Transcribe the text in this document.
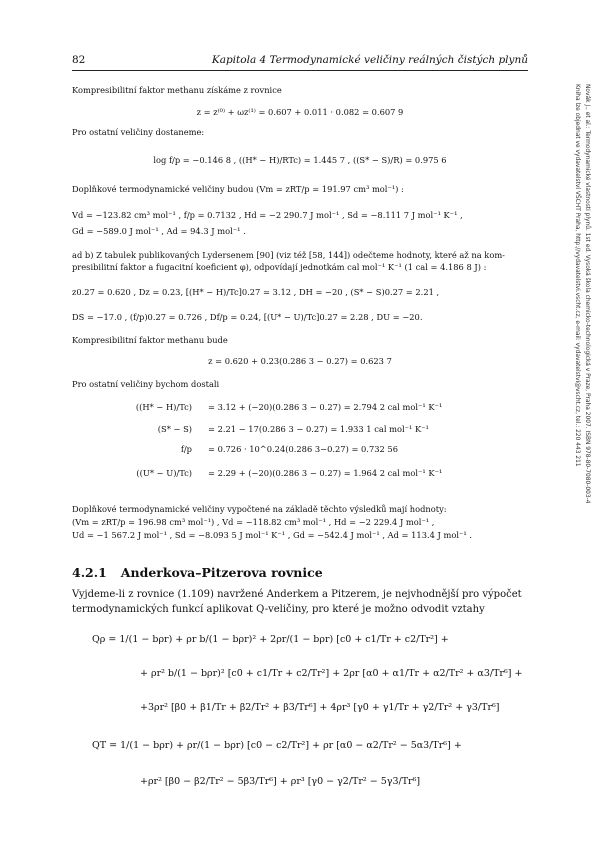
82	Kapitola 4 Termodynamické veličiny reálných čistých plynů
Novák J., et al.: Termodynamické vlastnosti plynů. 1st ed. Vysoká škola chemicko-technologická v Praze, Praha 2007. ISBN 978-80-7080-003-4
Kniha lze objednat ve vydavatelství VŠCHT Praha, http://vydavatelstvi.vscht.cz, e-mail: vydavatelstvi@vscht.cz, tel.: 220 443 211
Kompresibilitní faktor methanu získáme z rovnice
z = z⁽⁰⁾ + ωz⁽¹⁾ = 0.607 + 0.011 · 0.082 = 0.607 9
Pro ostatní veličiny dostaneme:
log f/p = −0.146 8 , ((H* − H)/RTc) = 1.445 7 , ((S* − S)/R) = 0.975 6
Doplňkové termodynamické veličiny budou (Vm = zRT/p = 191.97 cm³ mol⁻¹) :
Vd = −123.82 cm³ mol⁻¹ , f/p = 0.7132 , Hd = −2 290.7 J mol⁻¹ , Sd = −8.111 7 J mol⁻¹ K⁻¹ ,
Gd = −589.0 J mol⁻¹ , Ad = 94.3 J mol⁻¹ .
ad b) Z tabulek publikovaných Lydersenem [90] (viz též [58, 144]) odečteme hodnoty, které až na kom-
presibilitní faktor a fugacitní koeficient φ), odpovídají jednotkám cal mol⁻¹ K⁻¹ (1 cal = 4.186 8 J) :
z0.27 = 0.620 , Dz = 0.23, [(H* − H)/Tc]0.27 = 3.12 , DH = −20 , (S* − S)0.27 = 2.21 ,
DS = −17.0 , (f/p)0.27 = 0.726 , Df/p = 0.24, [(U* − U)/Tc]0.27 = 2.28 , DU = −20.
Kompresibilitní faktor methanu bude
z = 0.620 + 0.23(0.286 3 − 0.27) = 0.623 7
Pro ostatní veličiny bychom dostali
((H* − H)/Tc) = 3.12 + (−20)(0.286 3 − 0.27) = 2.794 2 cal mol⁻¹ K⁻¹
(S* − S) = 2.21 − 17(0.286 3 − 0.27) = 1.933 1 cal mol⁻¹ K⁻¹
f/p = 0.726 · 10^0.24(0.286 3−0.27) = 0.732 56
((U* − U)/Tc) = 2.29 + (−20)(0.286 3 − 0.27) = 1.964 2 cal mol⁻¹ K⁻¹
Doplňkové termodynamické veličiny vypočtené na základě těchto výsledků mají hodnoty:
(Vm = zRT/p = 196.98 cm³ mol⁻¹) , Vd = −118.82 cm³ mol⁻¹ , Hd = −2 229.4 J mol⁻¹ ,
Ud = −1 567.2 J mol⁻¹ , Sd = −8.093 5 J mol⁻¹ K⁻¹ , Gd = −542.4 J mol⁻¹ , Ad = 113.4 J mol⁻¹ .
4.2.1 Anderkova–Pitzerova rovnice
Vyjdeme-li z rovnice (1.109) navržené Anderkem a Pitzerem, je nejvhodnější pro výpočet termodynamických funkcí aplikovat Q-veličiny, pro které je možno odvodit vztahy
Qρ = 1/(1 − bρr) + ρr b/(1 − bρr)² + 2ρr/(1 − bρr) [c0 + c1/Tr + c2/Tr²] +
+ ρr² b/(1 − bρr)² [c0 + c1/Tr + c2/Tr²] + 2ρr [α0 + α1/Tr + α2/Tr² + α3/Tr⁶] +
+3ρr² [β0 + β1/Tr + β2/Tr² + β3/Tr⁶] + 4ρr³ [γ0 + γ1/Tr + γ2/Tr² + γ3/Tr⁶]
QT = 1/(1 − bρr) + ρr/(1 − bρr) [c0 − c2/Tr²] + ρr [α0 − α2/Tr² − 5α3/Tr⁶] +
+ρr² [β0 − β2/Tr² − 5β3/Tr⁶] + ρr³ [γ0 − γ2/Tr² − 5γ3/Tr⁶]
